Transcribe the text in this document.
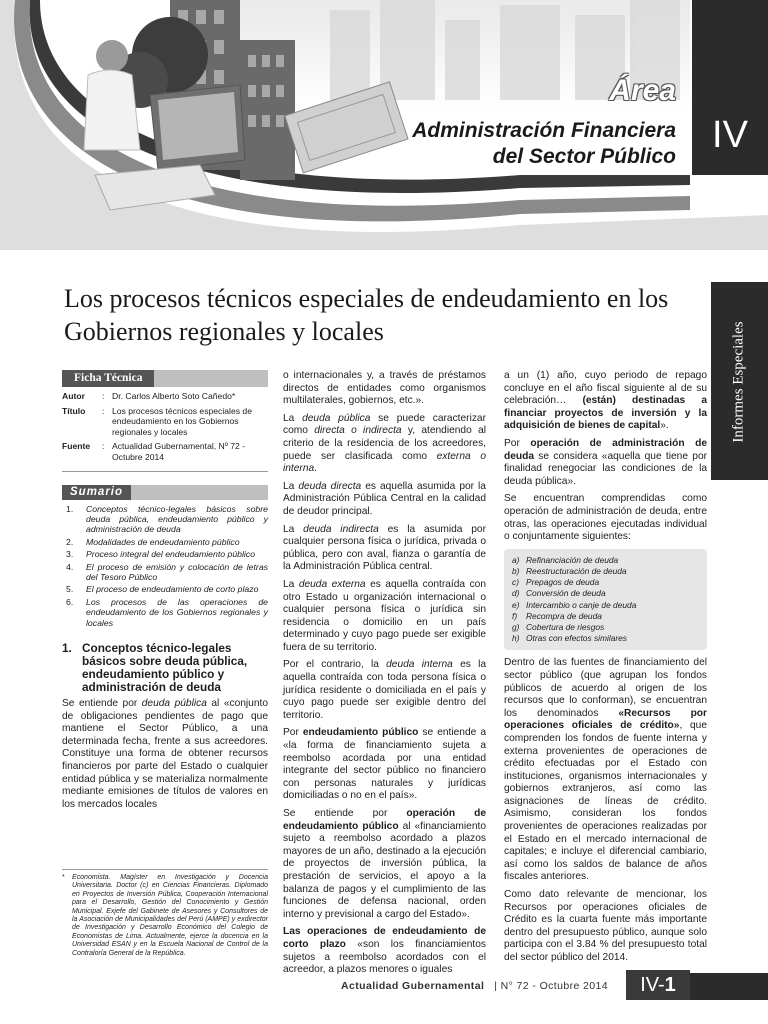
Área
Administración Financiera
del Sector Público
IV
Informes Especiales
Los procesos técnicos especiales de endeudamiento en los Gobiernos regionales y locales
Ficha Técnica
Autor	: Dr. Carlos Alberto Soto Cañedo*
Título	: Los procesos técnicos especiales de endeudamiento en los Gobiernos regionales y locales
Fuente	: Actualidad Gubernamental, Nº 72 - Octubre 2014
Sumario
1.	Conceptos técnico-legales básicos sobre deuda pública, endeudamiento público y administración de deuda
2.	Modalidades de endeudamiento público
3.	Proceso integral del endeudamiento público
4.	El proceso de emisión y colocación de letras del Tesoro Público
5.	El proceso de endeudamiento de corto plazo
6.	Los procesos de las operaciones de endeudamiento de los Gobiernos regionales y locales
1. Conceptos técnico-legales básicos sobre deuda pública, endeudamiento público y administración de deuda

Se entiende por deuda pública al «conjunto de obligaciones pendientes de pago que mantiene el Sector Público, a una determinada fecha, frente a sus acreedores. Constituye una forma de obtener recursos financieros por parte del Estado o cualquier entidad pública y se materializa normalmente mediante emisiones de títulos de valores en los mercados locales

*	Economista. Magíster en Investigación y Docencia Universitaria. Doctor (c) en Ciencias Financieras. Diplomado en Proyectos de Inversión Pública, Cooperación Internacional para el Desarrollo, Gestión del Conocimiento y Gestión Municipal. Exjefe del Gabinete de Asesores y Consultores de la Asociación de Municipalidades del Perú (AMPE) y exdirector de Investigación y Desarrollo Económico del Colegio de Economistas de Lima. Actualmente, ejerce la docencia en la Universidad ESAN y en la Escuela Nacional de Control de la Contraloría General de la República.

o internacionales y, a través de préstamos directos de entidades como organismos multilaterales, gobiernos, etc.».

La deuda pública se puede caracterizar como directa o indirecta y, atendiendo al criterio de la residencia de los acreedores, puede ser clasificada como externa o interna.

La deuda directa es aquella asumida por la Administración Pública Central en la calidad de deudor principal.

La deuda indirecta es la asumida por cualquier persona física o jurídica, privada o pública, pero con aval, fianza o garantía de la Administración Pública central.

La deuda externa es aquella contraída con otro Estado u organización internacional o cualquier persona física o jurídica sin residencia o domicilio en un país determinado y cuyo pago puede ser exigible fuera de su territorio.

Por el contrario, la deuda interna es la aquella contraída con toda persona física o jurídica residente o domiciliada en el país y cuyo pago puede ser exigible dentro del territorio.

Por endeudamiento público se entiende a «la forma de financiamiento sujeta a reembolso acordada por una entidad integrante del sector público no financiero con personas naturales y jurídicas domiciliadas o no en el país».

Se entiende por operación de endeudamiento público al «financiamiento sujeto a reembolso acordado a plazos mayores de un año, destinado a la ejecución de proyectos de inversión pública, la prestación de servicios, el apoyo a la balanza de pagos y el cumplimiento de las funciones de defensa nacional, orden interno y previsional a cargo del Estado».

Las operaciones de endeudamiento de corto plazo «son los financiamientos sujetos a reembolso acordados con el acreedor, a plazos menores o iguales

a un (1) año, cuyo periodo de repago concluye en el año fiscal siguiente al de su celebración… (están) destinadas a financiar proyectos de inversión y la adquisición de bienes de capital».

Por operación de administración de deuda se considera «aquella que tiene por finalidad renegociar las condiciones de la deuda pública».

Se encuentran comprendidas como operación de administración de deuda, entre otras, las operaciones ejecutadas individual o conjuntamente siguientes:

a) Refinanciación de deuda
b) Reestructuración de deuda
c) Prepagos de deuda
d) Conversión de deuda
e) Intercambio o canje de deuda
f)	Recompra de deuda
g) Cobertura de riesgos
h) Otras con efectos similares

Dentro de las fuentes de financiamiento del sector público (que agrupan los fondos públicos de acuerdo al origen de los recursos que lo conforman), se encuentran los denominados «Recursos por operaciones oficiales de crédito», que comprenden los fondos de fuente interna y externa provenientes de operaciones de crédito efectuadas por el Estado con instituciones, organismos internacionales y gobiernos extranjeros, así como las asignaciones de líneas de crédito. Asimismo, consideran los fondos provenientes de operaciones realizadas por el Estado en el mercado internacional de capitales; e incluye el diferencial cambiario, así como los saldos de balance de años fiscales anteriores.

Como dato relevante de mencionar, los Recursos por operaciones oficiales de Crédito es la cuarta fuente más importante dentro del presupuesto público, aunque solo participa con el 3.84 % del presupuesto total del sector público del 2014.

Actualidad Gubernamental | N° 72 - Octubre 2014	IV-1
